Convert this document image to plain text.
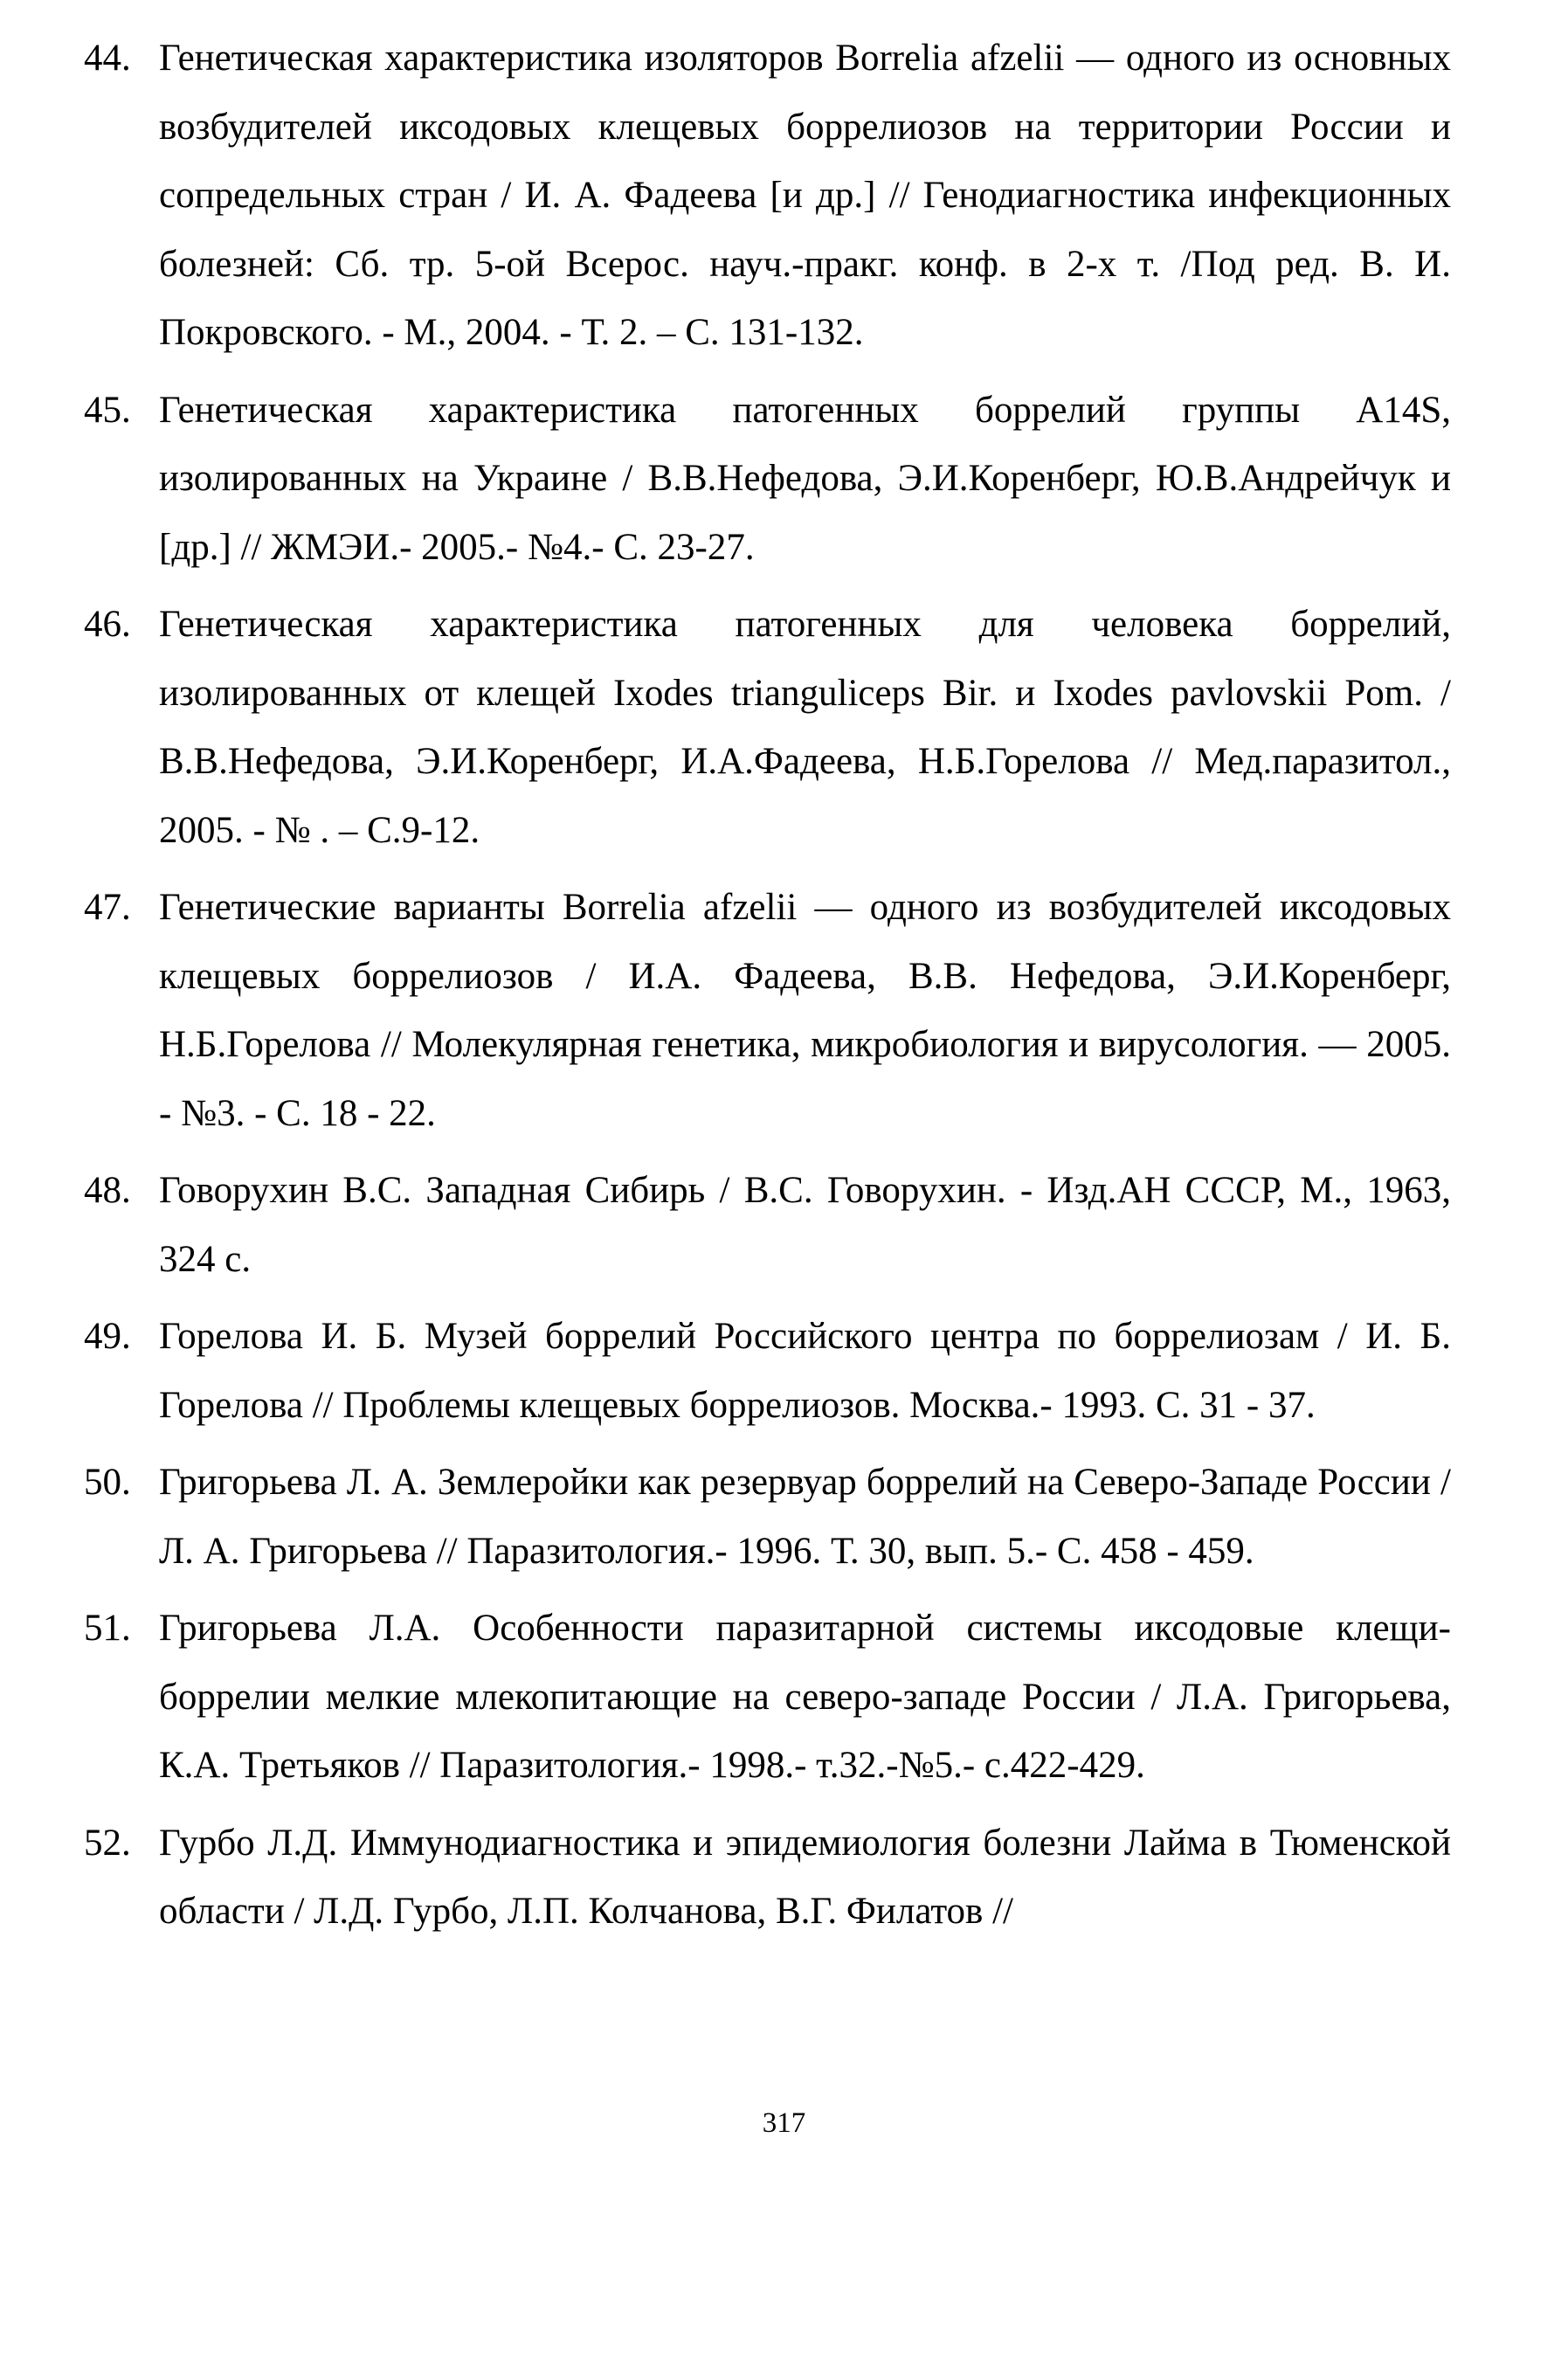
44. Генетическая характеристика изоляторов Borrelia afzelii — одного из основных возбудителей иксодовых клещевых боррелиозов на территории России и сопредельных стран / И. А. Фадеева [и др.] // Генодиагностика инфекционных болезней: Сб. тр. 5-ой Всерос. науч.-пракг. конф. в 2-х т. /Под ред. В. И. Покровского. - М., 2004. - Т. 2. – С. 131-132.
45. Генетическая характеристика патогенных боррелий группы A14S, изолированных на Украине / В.В.Нефедова, Э.И.Коренберг, Ю.В.Андрейчук и [др.] // ЖМЭИ.- 2005.- №4.- С. 23-27.
46. Генетическая характеристика патогенных для человека боррелий, изолированных от клещей Ixodes trianguliceps Bir. и Ixodes pavlovskii Pom. / В.В.Нефедова, Э.И.Коренберг, И.А.Фадеева, Н.Б.Горелова // Мед.паразитол., 2005. - № . – С.9-12.
47. Генетические варианты Borrelia afzelii — одного из возбудителей иксодовых клещевых боррелиозов / И.А. Фадеева, В.В. Нефедова, Э.И.Коренберг, Н.Б.Горелова // Молекулярная генетика, микробиология и вирусология. — 2005. - №3. - С. 18 - 22.
48. Говорухин В.С. Западная Сибирь / В.С. Говорухин. - Изд.АН СССР, М., 1963, 324 с.
49. Горелова И. Б. Музей боррелий Российского центра по боррелиозам / И. Б. Горелова // Проблемы клещевых боррелиозов. Москва.- 1993. С. 31 - 37.
50. Григорьева Л. А. Землеройки как резервуар боррелий на Северо-Западе России / Л. А. Григорьева // Паразитология.- 1996. Т. 30, вып. 5.- С. 458 - 459.
51. Григорьева Л.А. Особенности паразитарной системы иксодовые клещи-боррелии мелкие млекопитающие на северо-западе России / Л.А. Григорьева, К.А. Третьяков // Паразитология.- 1998.- т.32.-№5.- с.422-429.
52. Гурбо Л.Д. Иммунодиагностика и эпидемиология болезни Лайма в Тюменской области / Л.Д. Гурбо, Л.П. Колчанова, В.Г. Филатов //
317
